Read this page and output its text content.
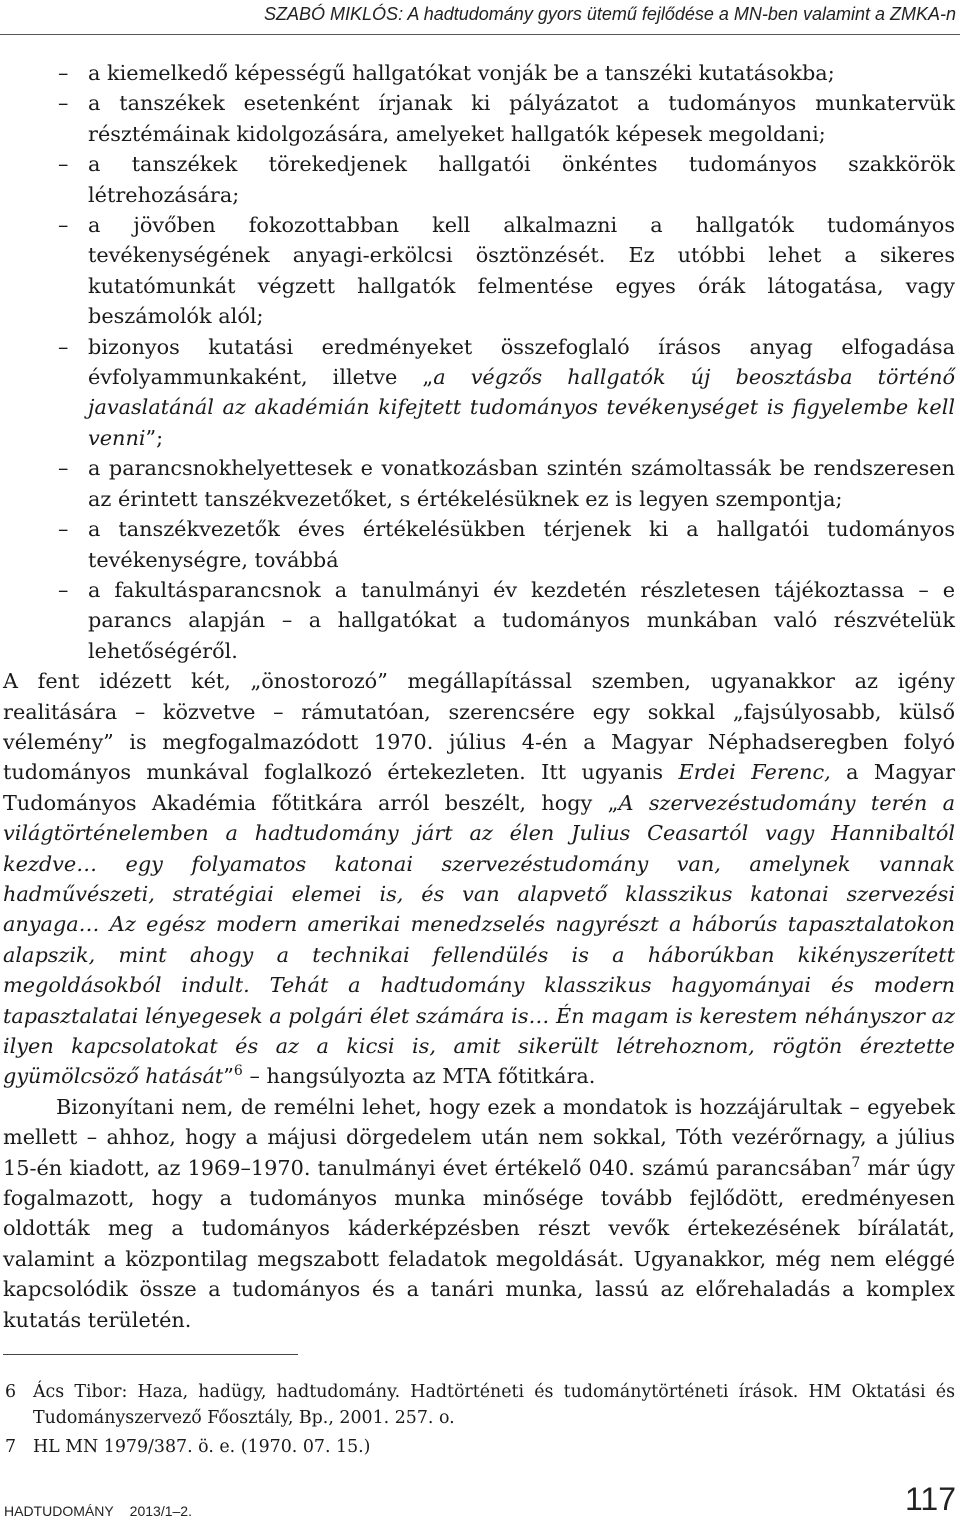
SZABÓ MIKLÓS: A hadtudomány gyors ütemű fejlődése a MN-ben valamint a ZMKA-n
– a kiemelkedő képességű hallgatókat vonják be a tanszéki kutatásokba;
– a tanszékek esetenként írjanak ki pályázatot a tudományos munkatervük résztémáinak kidolgozására, amelyeket hallgatók képesek megoldani;
– a tanszékek törekedjenek hallgatói önkéntes tudományos szakkörök létrehozására;
– a jövőben fokozottabban kell alkalmazni a hallgatók tudományos tevékenységének anyagi-erkölcsi ösztönzését. Ez utóbbi lehet a sikeres kutatómunkát végzett hallgatók felmentése egyes órák látogatása, vagy beszámolók alól;
– bizonyos kutatási eredményeket összefoglaló írásos anyag elfogadása évfolyammunkaként, illetve „a végzős hallgatók új beosztásba történő javaslatánál az akadémián kifejtett tudományos tevékenységet is figyelembe kell venni”;
– a parancsnokhelyettesek e vonatkozásban szintén számoltassák be rendszeresen az érintett tanszékvezetőket, s értékelésüknek ez is legyen szempontja;
– a tanszékvezetők éves értékelésükben térjenek ki a hallgatói tudományos tevékenységre, továbbá
– a fakultásparancsnok a tanulmányi év kezdetén részletesen tájékoztassa – e parancs alapján – a hallgatókat a tudományos munkában való részvételük lehetőségéről.

A fent idézett két, „önostorozó” megállapítással szemben, ugyanakkor az igény realitására – közvetve – rámutatóan, szerencsére egy sokkal „fajsúlyosabb, külső vélemény” is megfogalmazódott 1970. július 4-én a Magyar Néphadseregben folyó tudományos munkával foglalkozó értekezleten. Itt ugyanis Erdei Ferenc, a Magyar Tudományos Akadémia főtitkára arról beszélt, hogy „A szervezéstudomány terén a világtörténelemben a hadtudomány járt az élen Julius Ceasartól vagy Hannibaltól kezdve… egy folyamatos katonai szervezéstudomány van, amelynek vannak hadművészeti, stratégiai elemei is, és van alapvető klasszikus katonai szervezési anyaga… Az egész modern amerikai menedzselés nagyrészt a háborús tapasztalatokon alapszik, mint ahogy a technikai fellendülés is a háborúkban kikényszerített megoldásokból indult. Tehát a hadtudomány klasszikus hagyományai és modern tapasztalatai lényegesek a polgári élet számára is… Én magam is kerestem néhányszor az ilyen kapcsolatokat és az a kicsi is, amit sikerült létrehoznom, rögtön éreztette gyümölcsöző hatását”$^6$ – hangsúlyozta az MTA főtitkára.

Bizonyítani nem, de remélni lehet, hogy ezek a mondatok is hozzájárultak – egyebek mellett – ahhoz, hogy a májusi dörgedelem után nem sokkal, Tóth vezérőrnagy, a július 15-én kiadott, az 1969–1970. tanulmányi évet értékelő 040. számú parancsában$^7$ már úgy fogalmazott, hogy a tudományos munka minősége tovább fejlődött, eredményesen oldották meg a tudományos káderképzésben részt vevők értekezésének bírálatát, valamint a központilag megszabott feladatok megoldását. Ugyanakkor, még nem eléggé kapcsolódik össze a tudományos és a tanári munka, lassú az előrehaladás a komplex kutatás területén.

6 Ács Tibor: Haza, hadügy, hadtudomány. Hadtörténeti és tudománytörténeti írások. HM Oktatási és Tudományszervező Főosztály, Bp., 2001. 257. o.
7 HL MN 1979/387. ö. e. (1970. 07. 15.)
HADTUDOMÁNY 2013/1–2.	117
